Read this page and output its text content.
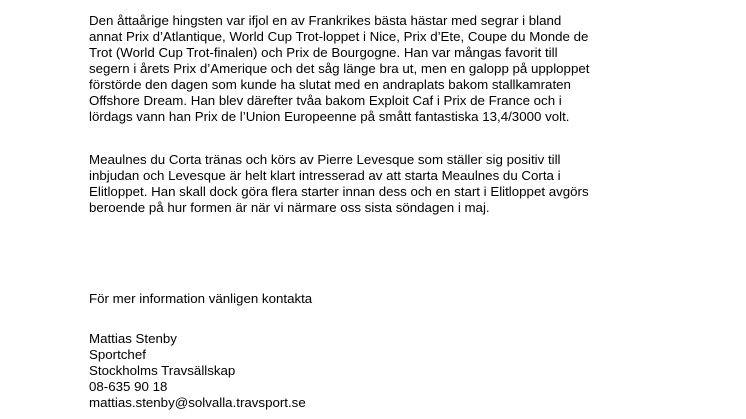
Den åttaårige hingsten var ifjol en av Frankrikes bästa hästar med segrar i bland
annat Prix d’Atlantique, World Cup Trot-loppet i Nice, Prix d’Ete, Coupe du Monde de
Trot (World Cup Trot-finalen) och Prix de Bourgogne. Han var mångas favorit till
segern i årets Prix d’Amerique och det såg länge bra ut, men en galopp på upploppet
förstörde den dagen som kunde ha slutat med en andraplats bakom stallkamraten
Offshore Dream. Han blev därefter tvåa bakom Exploit Caf i Prix de France och i
lördags vann han Prix de l’Union Europeenne på smått fantastiska 13,4/3000 volt.
Meaulnes du Corta tränas och körs av Pierre Levesque som ställer sig positiv till
inbjudan och Levesque är helt klart intresserad av att starta Meaulnes du Corta i
Elitloppet. Han skall dock göra flera starter innan dess och en start i Elitloppet avgörs
beroende på hur formen är när vi närmare oss sista söndagen i maj.
För mer information vänligen kontakta
Mattias Stenby
Sportchef
Stockholms Travsällskap
08-635 90 18
mattias.stenby@solvalla.travsport.se
